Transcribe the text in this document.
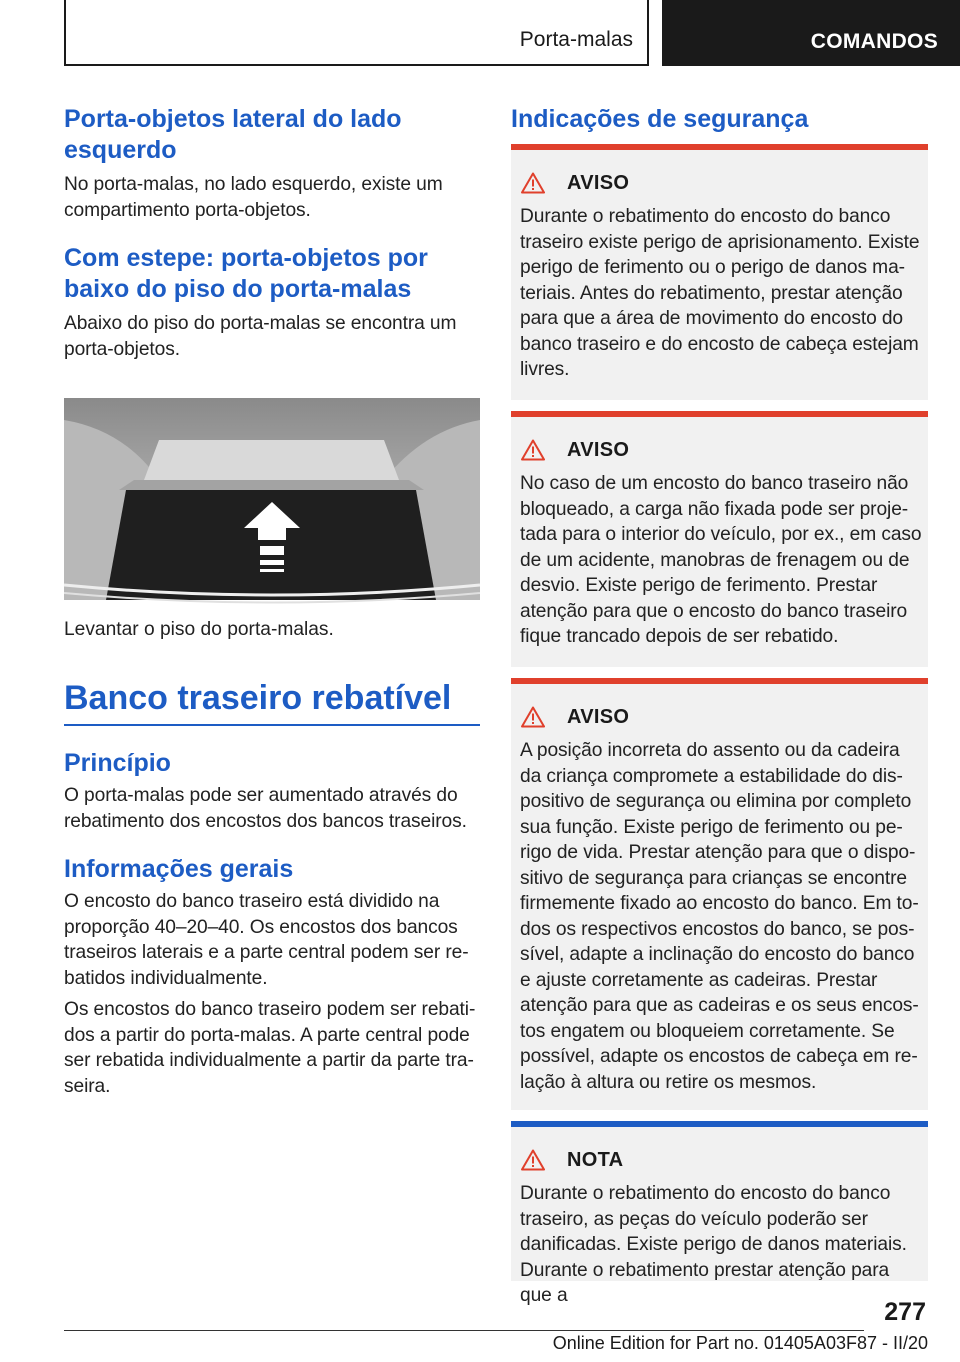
Porta-malas	COMANDOS
Porta-objetos lateral do lado esquerdo

No porta-malas, no lado esquerdo, existe um compartimento porta-objetos.

Com estepe: porta-objetos por baixo do piso do porta-malas

Abaixo do piso do porta-malas se encontra um porta-objetos.

Levantar o piso do porta-malas.

Banco traseiro rebatível
Princípio

O porta-malas pode ser aumentado através do rebatimento dos encostos dos bancos traseiros.

Informações gerais

O encosto do banco traseiro está dividido na proporção 40–20–40. Os encostos dos bancos traseiros laterais e a parte central podem ser rebatidos individualmente.

Os encostos do banco traseiro podem ser rebatidos a partir do porta-malas. A parte central pode ser rebatida individualmente a partir da parte traseira.

Indicações de segurança
AVISO

Durante o rebatimento do encosto do banco traseiro existe perigo de aprisionamento. Existe perigo de ferimento ou o perigo de danos materiais. Antes do rebatimento, prestar atenção para que a área de movimento do encosto do banco traseiro e do encosto de cabeça estejam livres.

AVISO

No caso de um encosto do banco traseiro não bloqueado, a carga não fixada pode ser projetada para o interior do veículo, por ex., em caso de um acidente, manobras de frenagem ou de desvio. Existe perigo de ferimento. Prestar atenção para que o encosto do banco traseiro fique trancado depois de ser rebatido.

AVISO

A posição incorreta do assento ou da cadeira da criança compromete a estabilidade do dispositivo de segurança ou elimina por completo sua função. Existe perigo de ferimento ou perigo de vida. Prestar atenção para que o dispositivo de segurança para crianças se encontre firmemente fixado ao encosto do banco. Em todos os respectivos encostos do banco, se possível, adapte a inclinação do encosto do banco e ajuste corretamente as cadeiras. Prestar atenção para que as cadeiras e os seus encostos engatem ou bloqueiem corretamente. Se possível, adapte os encostos de cabeça em relação à altura ou retire os mesmos.

NOTA

Durante o rebatimento do encosto do banco traseiro, as peças do veículo poderão ser danificadas. Existe perigo de danos materiais. Durante o rebatimento prestar atenção para que a

277
Online Edition for Part no. 01405A03F87 - II/20
